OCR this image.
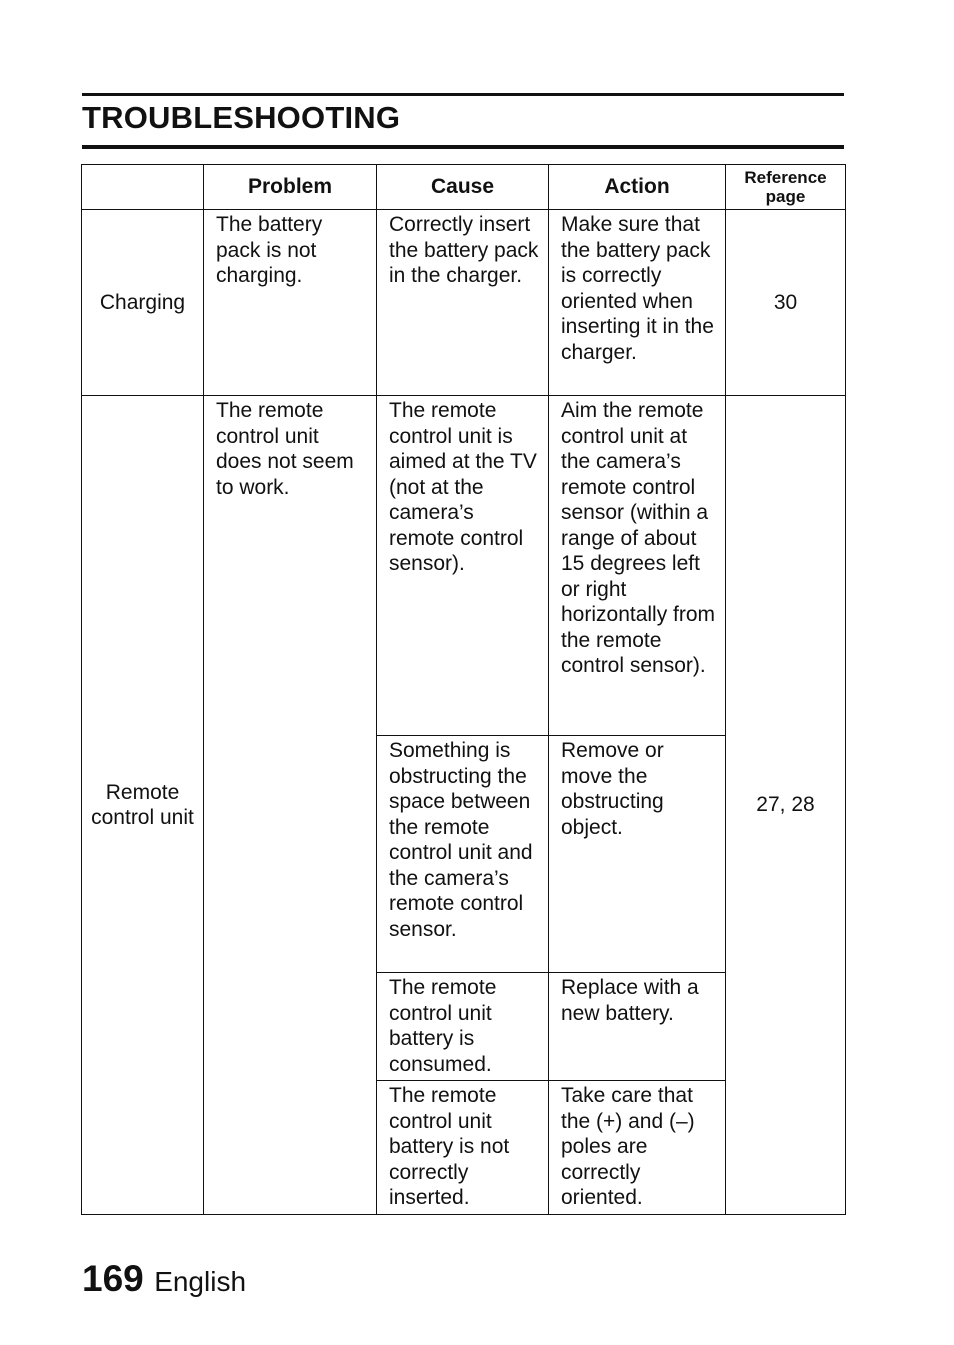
TROUBLESHOOTING
	Problem	Cause	Action	Reference
page
Charging	The battery pack is not charging.	Correctly insert the battery pack in the charger.	Make sure that the battery pack is correctly oriented when inserting it in the charger.	30
Remote control unit	The remote control unit does not seem to work.	The remote control unit is aimed at the TV (not at the camera’s remote control sensor).	Aim the remote control unit at the camera’s remote control sensor (within a range of about 15 degrees left or right horizontally from the remote control sensor).	27, 28
		Something is obstructing the space between the remote control unit and the camera’s remote control sensor.	Remove or move the obstructing object.	
		The remote control unit battery is consumed.	Replace with a new battery.	
		The remote control unit battery is not correctly inserted.	Take care that the (+) and (–) poles are correctly oriented.	
169 English
